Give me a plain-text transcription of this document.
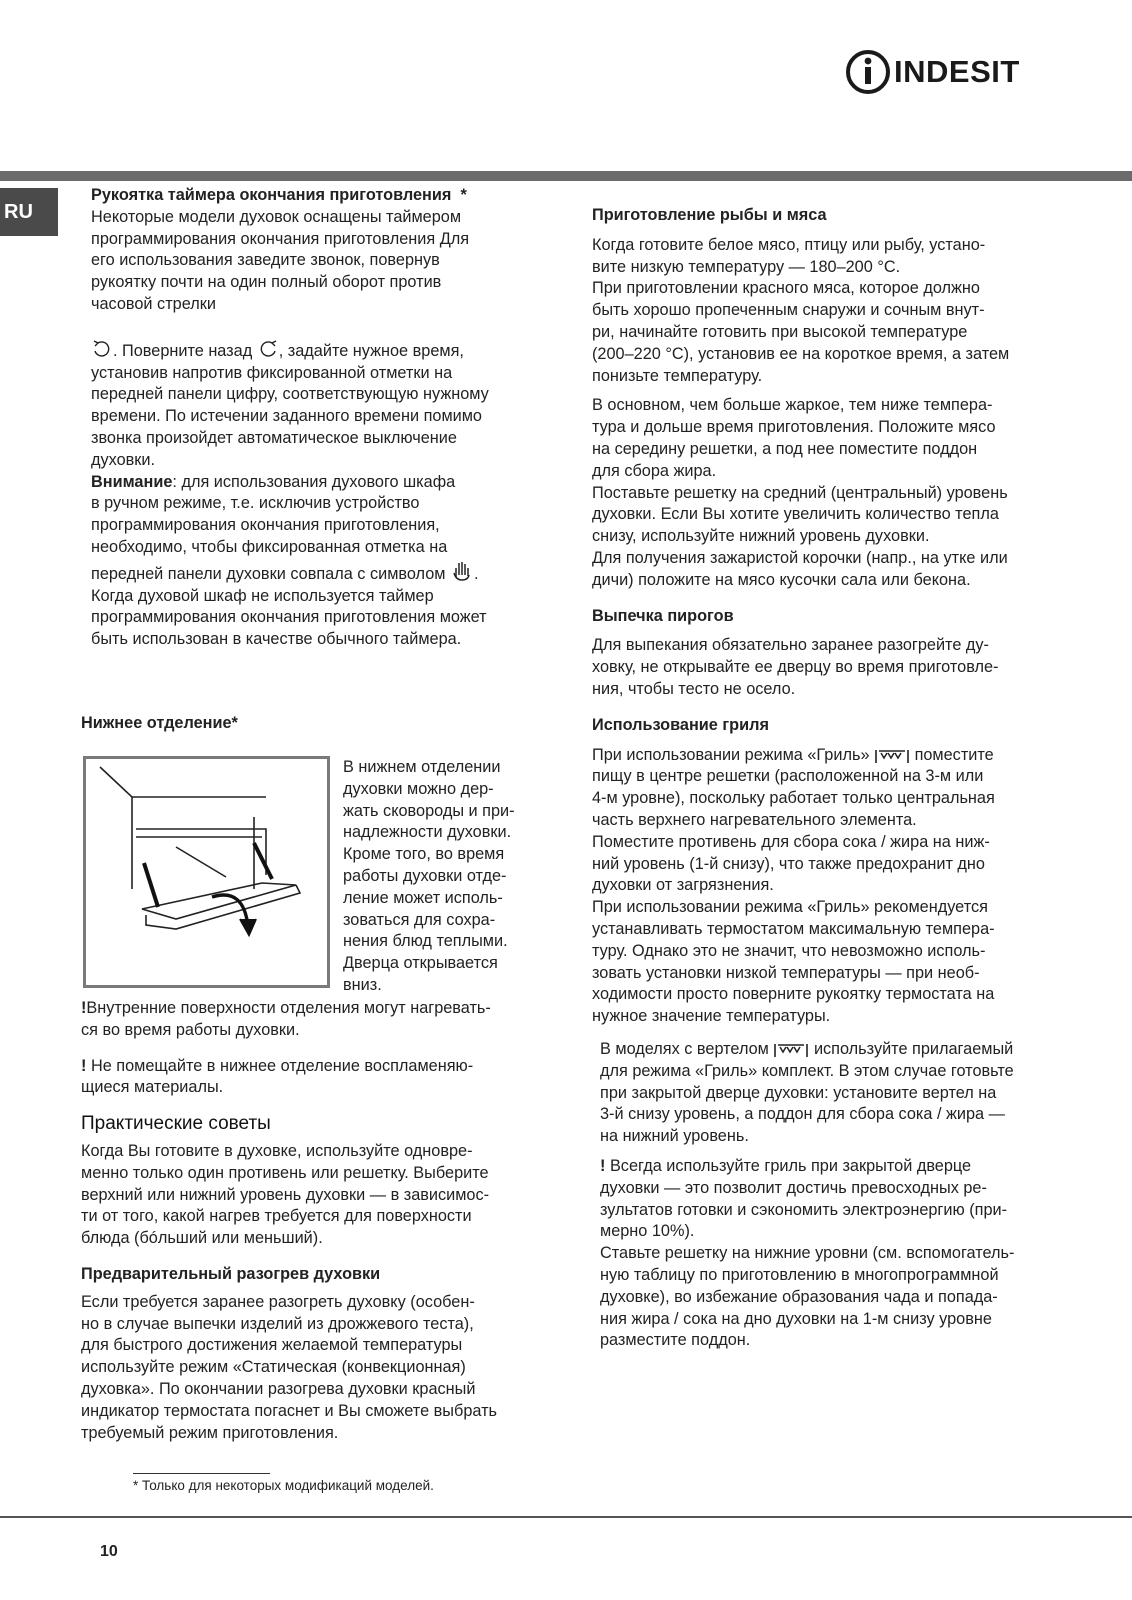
INDESIT
RU

Рукоятка таймера окончания приготовления *

Некоторые модели духовок оснащены таймером

программирования окончания приготовления Для

его использования заведите звонок, повернув

рукоятку почти на один полный оборот против

часовой стрелки

. Поверните назад , задайте нужное время,

установив напротив фиксированной отметки на

передней панели цифру, соответствующую нужному

времени. По истечении заданного времени помимо

звонка произойдет автоматическое выключение

духовки.

Внимание: для использования духового шкафа

в ручном режиме, т.е. исключив устройство

программирования окончания приготовления,

необходимо, чтобы фиксированная отметка на

передней панели духовки совпала с символом .

Когда духовой шкаф не используется таймер

программирования окончания приготовления может

быть использован в качестве обычного таймера.

Нижнее отделение*

В нижнем отделении

духовки можно дер-

жать сковороды и при-

надлежности духовки.

Кроме того, во время

работы духовки отде-

ление может исполь-

зоваться для сохра-

нения блюд теплыми.

Дверца открывается

вниз.

!Внутренние поверхности отделения могут нагревать-

ся во время работы духовки.

! Не помещайте в нижнее отделение воспламеняю-

щиеся материалы.

Практические советы

Когда Вы готовите в духовке, используйте одновре-

менно только один противень или решетку. Выберите

верхний или нижний уровень духовки — в зависимос-

ти от того, какой нагрев требуется для поверхности

блюда (бóльший или меньший).

Предварительный разогрев духовки

Если требуется заранее разогреть духовку (особен-

но в случае выпечки изделий из дрожжевого теста),

для быстрого достижения желаемой температуры

используйте режим «Статическая (конвекционная)

духовка». По окончании разогрева духовки красный

индикатор термостата погаснет и Вы сможете выбрать

требуемый режим приготовления.

Приготовление рыбы и мяса

Когда готовите белое мясо, птицу или рыбу, устано-

вите низкую температуру — 180–200 °C.

При приготовлении красного мяса, которое должно

быть хорошо пропеченным снаружи и сочным внут-

ри, начинайте готовить при высокой температуре

(200–220 °C), установив ее на короткое время, а затем

понизьте температуру.

В основном, чем больше жаркое, тем ниже темпера-

тура и дольше время приготовления. Положите мясо

на середину решетки, а под нее поместите поддон

для сбора жира.

Поставьте решетку на средний (центральный) уровень

духовки. Если Вы хотите увеличить количество тепла

снизу, используйте нижний уровень духовки.

Для получения зажаристой корочки (напр., на утке или

дичи) положите на мясо кусочки сала или бекона.

Выпечка пирогов

Для выпекания обязательно заранее разогрейте ду-

ховку, не открывайте ее дверцу во время приготовле-

ния, чтобы тесто не осело.

Использование гриля

При использовании режима «Гриль»	поместите

пищу в центре решетки (расположенной на 3-м или

4-м уровне), поскольку работает только центральная

часть верхнего нагревательного элемента.

Поместите противень для сбора сока / жира на ниж-

ний уровень (1-й снизу), что также предохранит дно

духовки от загрязнения.

При использовании режима «Гриль» рекомендуется

устанавливать термостатом максимальную темпера-

туру. Однако это не значит, что невозможно исполь-

зовать установки низкой температуры — при необ-

ходимости просто поверните рукоятку термостата на

нужное значение температуры.

В моделях с вертелом	используйте прилагаемый

для режима «Гриль» комплект. В этом случае готовьте

при закрытой дверце духовки: установите вертел на

3-й снизу уровень, а поддон для сбора сока / жира —

на нижний уровень.

! Всегда используйте гриль при закрытой дверце

духовки — это позволит достичь превосходных ре-

зультатов готовки и сэкономить электроэнергию (при-

мерно 10%).

Ставьте решетку на нижние уровни (см. вспомогатель-

ную таблицу по приготовлению в многопрограммной

духовке), во избежание образования чада и попада-

ния жира / сока на дно духовки на 1-м снизу уровне

разместите поддон.

* Только для некоторых модификаций моделей.
10
